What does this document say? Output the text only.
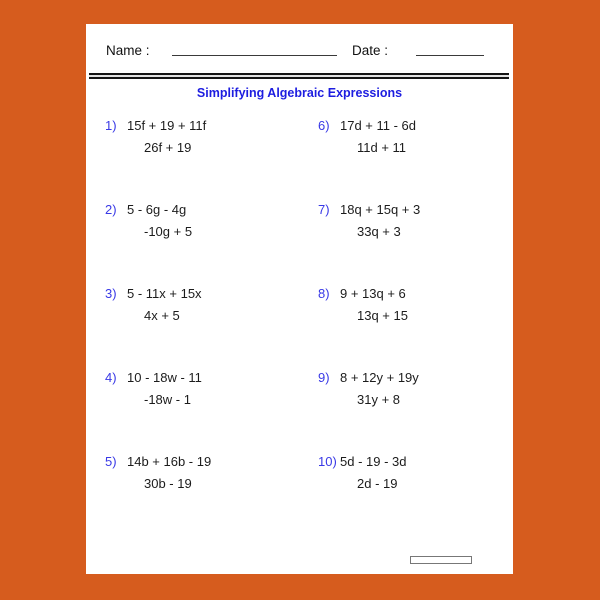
Name :	Date :
Simplifying Algebraic Expressions
1) 15f + 19 + 11f
26f + 19
2) 5 - 6g - 4g
-10g + 5
3) 5 - 11x + 15x
4x + 5
4) 10 - 18w - 11
-18w - 1
5) 14b + 16b - 19
30b - 19
6) 17d + 11 - 6d
11d + 11
7) 18q + 15q + 3
33q + 3
8) 9 + 13q + 6
13q + 15
9) 8 + 12y + 19y
31y + 8
10) 5d - 19 - 3d
2d - 19
